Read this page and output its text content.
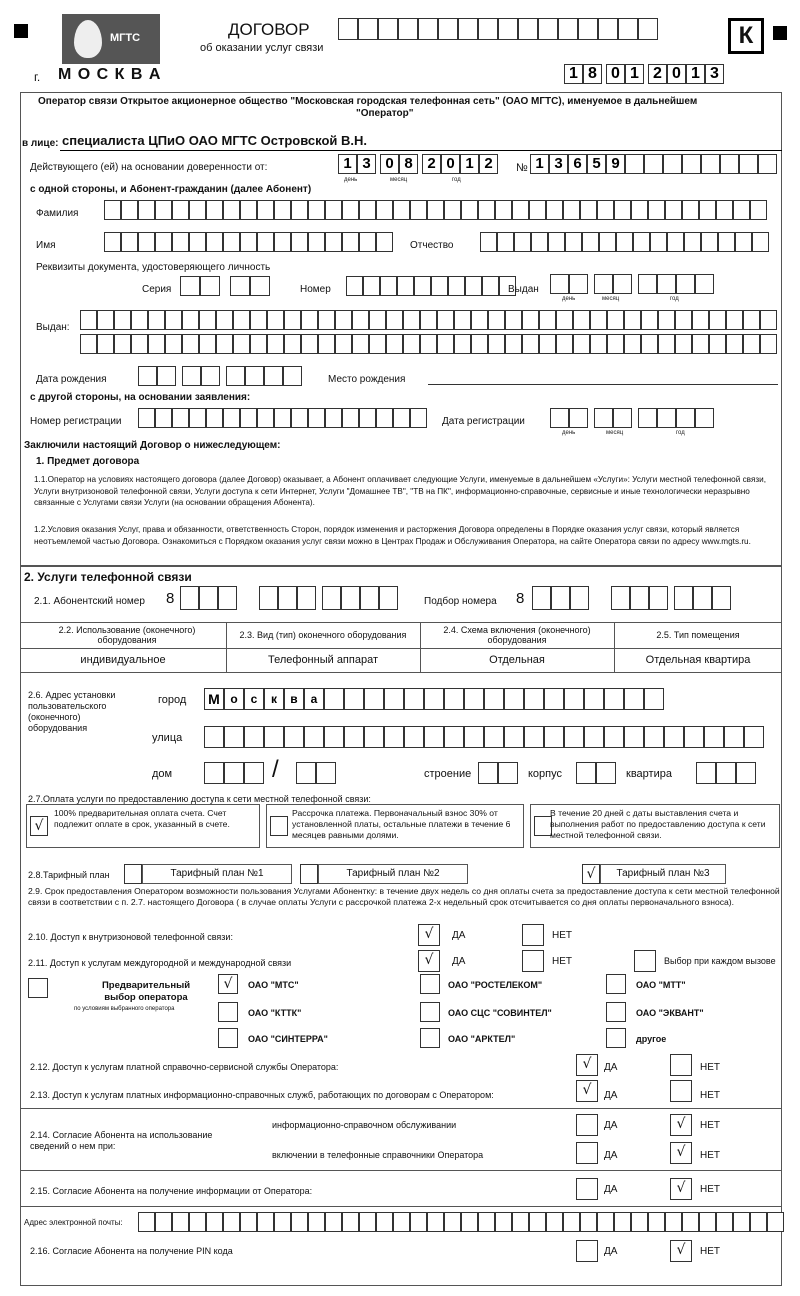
МГТС	ДОГОВОР
об оказании услуг связи	К
г. М О С К В А	1 8 0 1 2 0 1 3
Оператор связи Открытое акционерное общество "Московская городская телефонная сеть" (ОАО МГТС), именуемое в дальнейшем
"Оператор"
в лице: специалиста ЦПиО ОАО МГТС Островской В.Н.
Действующего (ей) на основании доверенности от:	1 3 0 8 2 0 1 2
день	месяц	год
№ 1 3 6 5 9
с одной стороны, и Абонент-гражданин (далее Абонент)
Фамилия
Имя	Отчество
Реквизиты документа, удостоверяющего личность
Серия	Номер	Выдан
день	месяц	год
Выдан:
Дата рождения	Место рождения
с другой стороны, на основании заявления:
Номер регистрации	Дата регистрации
день	месяц	год
Заключили настоящий Договор о нижеследующем:
1. Предмет договора
1.1.Оператор на условиях настоящего договора (далее Договор) оказывает, а Абонент оплачивает следующие Услуги, именуемые в дальнейшем «Услуги»: Услуги местной телефонной связи, Услуги внутризоновой телефонной связи, Услуги доступа к сети Интернет, Услуги "Домашнее ТВ", "ТВ на ПК", информационно-справочные, сервисные и иные технологически неразрывно связанные с Услугами связи Услуги (на основании обращения Абонента).
1.2.Условия оказания Услуг, права и обязанности, ответственность Сторон, порядок изменения и расторжения Договора определены в Порядке оказания услуг связи, который является неотъемлемой частью Договора. Ознакомиться с Порядком оказания услуг связи можно в Центрах Продаж и Обслуживания Оператора, на сайте Оператора связи по адресу www.mgts.ru.
2. Услуги телефонной связи
2.1. Абонентский номер 8	Подбор номера 8
2.2. Использование (оконечного) оборудования	2.3. Вид (тип) оконечного оборудования	2.4. Схема включения (оконечного) оборудования	2.5. Тип помещения
индивидуальное	Телефонный аппарат	Отдельная	Отдельная квартира
2.6. Адрес установки пользовательского (оконечного) оборудования
город М о	с	к	в	а
улица
дом	/	строение	корпус	квартира
2.7.Оплата услуги по предоставлению доступа к сети местной телефонной связи:
√
100% предварительная оплата счета. Счет подлежит оплате в срок, указанный в счете.
Рассрочка платежа. Первоначальный взнос 30% от установленной платы, остальные платежи в течение 6 месяцев равными долями.
В течение 20 дней с даты выставления счета и выполнения работ по предоставлению доступа к сети местной телефонной связи.
2.8.Тарифный план	Тарифный план №1	Тарифный план №2	√	Тарифный план №3
2.9. Срок предоставления Оператором возможности пользования Услугами Абонентку: в течение двух недель со дня оплаты счета за предоставление доступа к сети местной телефонной связи в соответствии с п. 2.7. настоящего Договора ( в случае оплаты Услуги с рассрочкой платежа 2-х недельный срок отсчитывается со дня оплаты первоначального взноса).
2.10. Доступ к внутризоновой телефонной связи:	√	ДА	НЕТ
2.11. Доступ к услугам междугородной и международной связи	√	ДА	НЕТ	Выбор при каждом вызове
Предварительный выбор оператора
по условиям выбранного оператора
√	ОАО "МТС"	ОАО "РОСТЕЛЕКОМ"	ОАО "МТТ"
ОАО "КТТК"	ОАО СЦС "СОВИНТЕЛ"	ОАО "ЭКВАНТ"
ОАО "СИНТЕРРА"	ОАО "АРКТЕЛ"	другое
2.12. Доступ к услугам платной справочно-сервисной службы Оператора:	√	ДА	НЕТ
2.13. Доступ к услугам платных информационно-справочных служб, работающих по договорам с Оператором:	√	ДА	НЕТ
2.14. Согласие Абонента на использование сведений о нем при:
информационно-справочном обслуживании	ДА	√	НЕТ
включении в телефонные справочники Оператора	ДА	√	НЕТ
2.15. Согласие Абонента на получение информации от Оператора:	ДА	√	НЕТ
Адрес электронной почты:
2.16. Согласие Абонента на получение PIN кода	ДА	√	НЕТ
